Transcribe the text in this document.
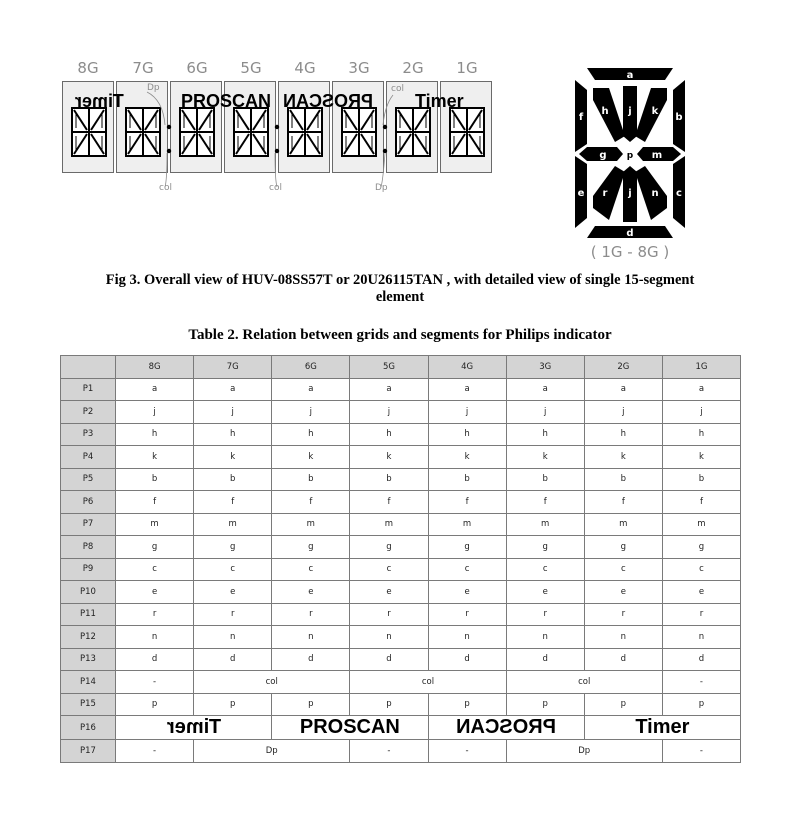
8G 7G 6G 5G 4G 3G 2G 1G
Timer
Dp
PROSCAN PROSCAN
col
Timer
col	col	Dp
a
f
h j k
b
g	m
e r j n c
d
p
( 1G - 8G )
Fig 3. Overall view of HUV-08SS57T or 20U26115TAN , with detailed view of single 15-segment
element
Table 2. Relation between grids and segments for Philips indicator
	8G	7G	6G	5G	4G	3G	2G	1G
P1	a	a	a	a	a	a	a	a
P2	j	j	j	j	j	j	j	j
P3	h	h	h	h	h	h	h	h
P4	k	k	k	k	k	k	k	k
P5	b	b	b	b	b	b	b	b
P6	f	f	f	f	f	f	f	f
P7	m	m	m	m	m	m	m	m
P8	g	g	g	g	g	g	g	g
P9	c	c	c	c	c	c	c	c
P10	e	e	e	e	e	e	e	e
P11	r	r	r	r	r	r	r	r
P12	n	n	n	n	n	n	n	n
P13	d	d	d	d	d	d	d	d
P14	-	col		col		col		-
P15	p	p	p	p	p	p	p	p
P16	Timer		PROSCAN		PROSCAN		Timer	
P17	-	Dp		-	-	Dp		-
